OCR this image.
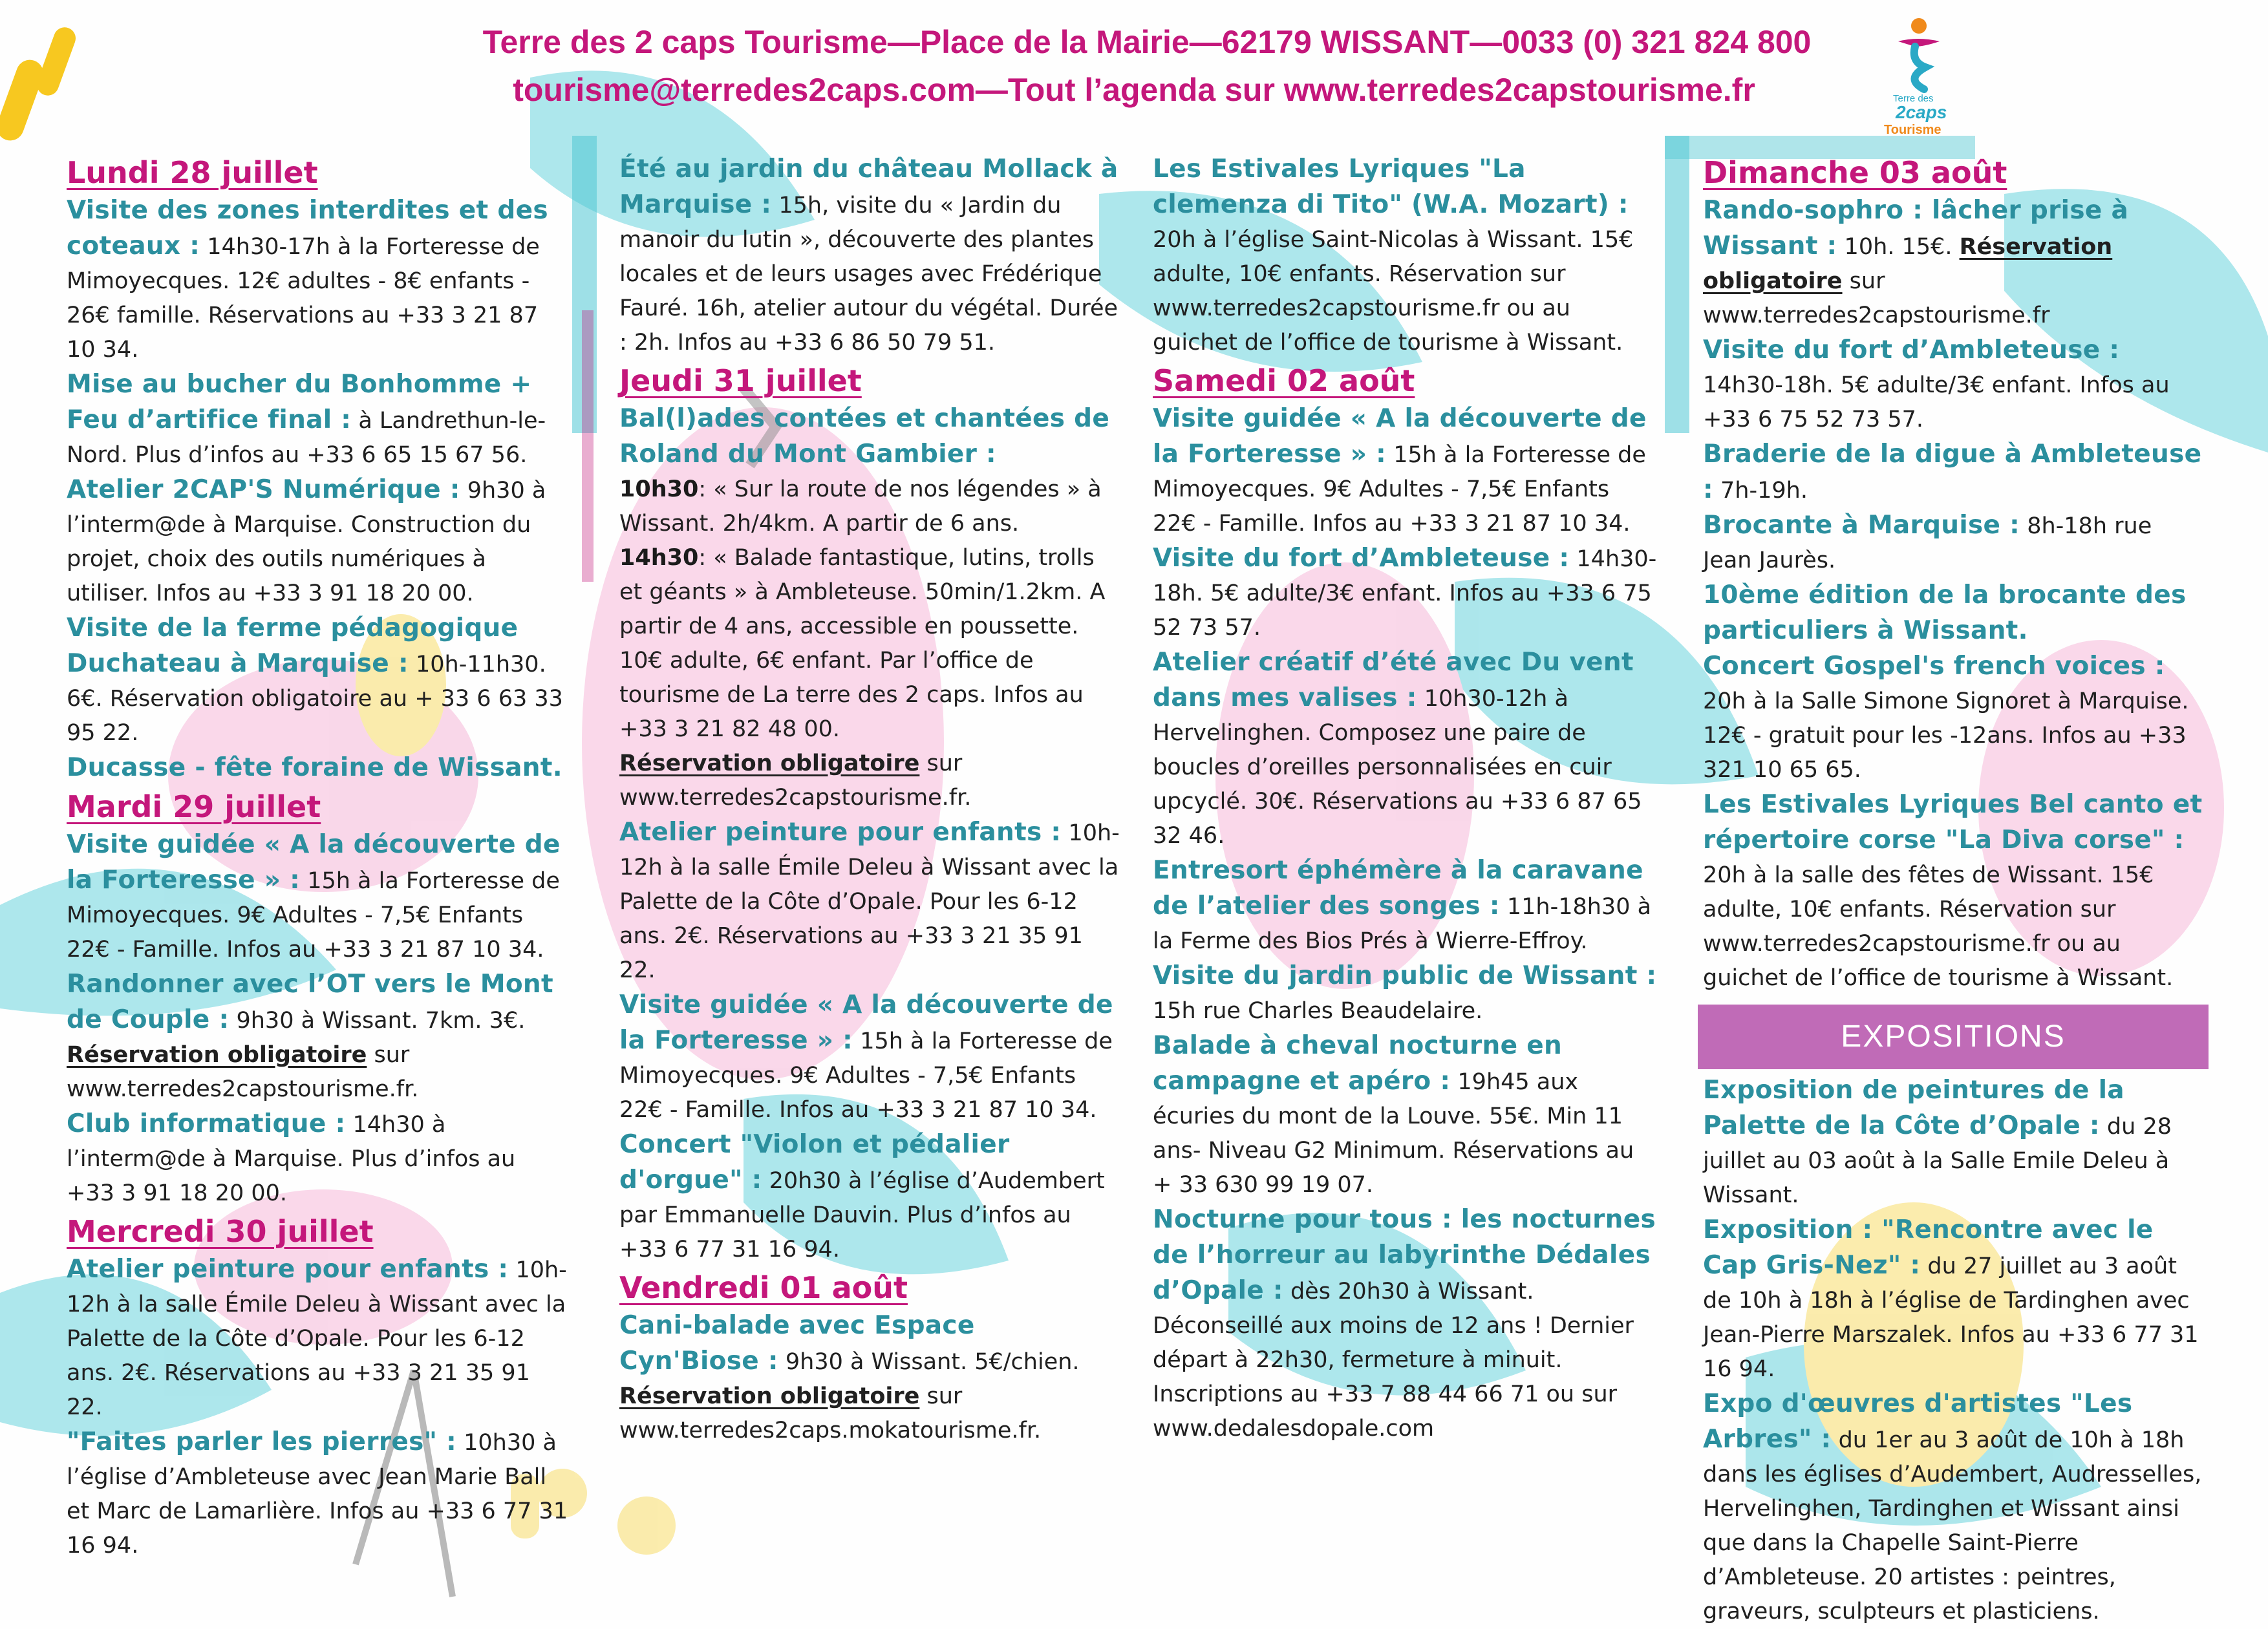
Terre des 2 caps Tourisme—Place de la Mairie—62179 WISSANT—0033 (0) 321 824 800
tourisme@terredes2caps.com—Tout l’agenda sur www.terredes2capstourisme.fr	Terre des
2caps
Tourisme
Lundi 28 juillet

Visite des zones interdites et des coteaux : 14h30-17h à la Forteresse de Mimoyecques. 12€ adultes - 8€ enfants - 26€ famille. Réservations au +33 3 21 87 10 34.

Mise au bucher du Bonhomme + Feu d’artifice final : à Landrethun-le-Nord. Plus d’infos au +33 6 65 15 67 56.

Atelier 2CAP'S Numérique : 9h30 à l’interm@de à Marquise. Construction du projet, choix des outils numériques à utiliser. Infos au +33 3 91 18 20 00.

Visite de la ferme pédagogique Duchateau à Marquise : 10h-11h30. 6€. Réservation obligatoire au + 33 6 63 33 95 22.

Ducasse - fête foraine de Wissant.

Mardi 29 juillet

Visite guidée « A la découverte de la Forteresse » : 15h à la Forteresse de Mimoyecques. 9€ Adultes - 7,5€ Enfants 22€ - Famille. Infos au +33 3 21 87 10 34.

Randonner avec l’OT vers le Mont de Couple : 9h30 à Wissant. 7km. 3€. Réservation obligatoire sur www.terredes2capstourisme.fr.

Club informatique : 14h30 à l’interm@de à Marquise. Plus d’infos au +33 3 91 18 20 00.

Mercredi 30 juillet

Atelier peinture pour enfants : 10h-12h à la salle Émile Deleu à Wissant avec la Palette de la Côte d’Opale. Pour les 6-12 ans. 2€. Réservations au +33 3 21 35 91 22.

"Faites parler les pierres" : 10h30 à l’église d’Ambleteuse avec Jean Marie Ball et Marc de Lamarlière. Infos au +33 6 77 31 16 94.

Été au jardin du château Mollack à Marquise : 15h, visite du « Jardin du manoir du lutin », découverte des plantes locales et de leurs usages avec Frédérique Fauré. 16h, atelier autour du végétal. Durée : 2h. Infos au +33 6 86 50 79 51.

Jeudi 31 juillet

Bal(l)ades contées et chantées de Roland du Mont Gambier :
10h30: « Sur la route de nos légendes » à Wissant. 2h/4km. A partir de 6 ans.
14h30: « Balade fantastique, lutins, trolls et géants » à Ambleteuse. 50min/1.2km. A partir de 4 ans, accessible en poussette. 10€ adulte, 6€ enfant. Par l’office de tourisme de La terre des 2 caps. Infos au +33 3 21 82 48 00.
Réservation obligatoire sur www.terredes2capstourisme.fr.

Atelier peinture pour enfants : 10h-12h à la salle Émile Deleu à Wissant avec la Palette de la Côte d’Opale. Pour les 6-12 ans. 2€. Réservations au +33 3 21 35 91 22.

Visite guidée « A la découverte de la Forteresse » : 15h à la Forteresse de Mimoyecques. 9€ Adultes - 7,5€ Enfants 22€ - Famille. Infos au +33 3 21 87 10 34.

Concert "Violon et pédalier d'orgue" : 20h30 à l’église d’Audembert par Emmanuelle Dauvin. Plus d’infos au +33 6 77 31 16 94.

Vendredi 01 août

Cani-balade avec Espace Cyn'Biose : 9h30 à Wissant. 5€/chien. Réservation obligatoire sur www.terredes2caps.mokatourisme.fr.

Les Estivales Lyriques "La clemenza di Tito" (W.A. Mozart) : 20h à l’église Saint-Nicolas à Wissant. 15€ adulte, 10€ enfants. Réservation sur www.terredes2capstourisme.fr ou au guichet de l’office de tourisme à Wissant.

Samedi 02 août

Visite guidée « A la découverte de la Forteresse » : 15h à la Forteresse de Mimoyecques. 9€ Adultes - 7,5€ Enfants 22€ - Famille. Infos au +33 3 21 87 10 34.

Visite du fort d’Ambleteuse : 14h30-18h. 5€ adulte/3€ enfant. Infos au +33 6 75 52 73 57.

Atelier créatif d’été avec Du vent dans mes valises : 10h30-12h à Hervelinghen. Composez une paire de boucles d’oreilles personnalisées en cuir upcyclé. 30€. Réservations au +33 6 87 65 32 46.

Entresort éphémère à la caravane de l’atelier des songes : 11h-18h30 à la Ferme des Bios Prés à Wierre-Effroy.

Visite du jardin public de Wissant : 15h rue Charles Beaudelaire.

Balade à cheval nocturne en campagne et apéro : 19h45 aux écuries du mont de la Louve. 55€. Min 11 ans- Niveau G2 Minimum. Réservations au + 33 630 99 19 07.

Nocturne pour tous : les nocturnes de l’horreur au labyrinthe Dédales d’Opale : dès 20h30 à Wissant. Déconseillé aux moins de 12 ans ! Dernier départ à 22h30, fermeture à minuit. Inscriptions au +33 7 88 44 66 71 ou sur www.dedalesdopale.com

Dimanche 03 août

Rando-sophro : lâcher prise à Wissant : 10h. 15€. Réservation obligatoire sur www.terredes2capstourisme.fr

Visite du fort d’Ambleteuse : 14h30-18h. 5€ adulte/3€ enfant. Infos au +33 6 75 52 73 57.

Braderie de la digue à Ambleteuse : 7h-19h.

Brocante à Marquise : 8h-18h rue Jean Jaurès.

10ème édition de la brocante des particuliers à Wissant.

Concert Gospel's french voices : 20h à la Salle Simone Signoret à Marquise. 12€ - gratuit pour les -12ans. Infos au +33 321 10 65 65.

Les Estivales Lyriques Bel canto et répertoire corse "La Diva corse" : 20h à la salle des fêtes de Wissant. 15€ adulte, 10€ enfants. Réservation sur www.terredes2capstourisme.fr ou au guichet de l’office de tourisme à Wissant.

EXPOSITIONS

Exposition de peintures de la Palette de la Côte d’Opale : du 28 juillet au 03 août à la Salle Emile Deleu à Wissant.

Exposition : "Rencontre avec le Cap Gris-Nez" : du 27 juillet au 3 août de 10h à 18h à l’église de Tardinghen avec Jean-Pierre Marszalek. Infos au +33 6 77 31 16 94.

Expo d'œuvres d'artistes "Les Arbres" : du 1er au 3 août de 10h à 18h dans les églises d’Audembert, Audresselles, Hervelinghen, Tardinghen et Wissant ainsi que dans la Chapelle Saint-Pierre d’Ambleteuse. 20 artistes : peintres, graveurs, sculpteurs et plasticiens.
